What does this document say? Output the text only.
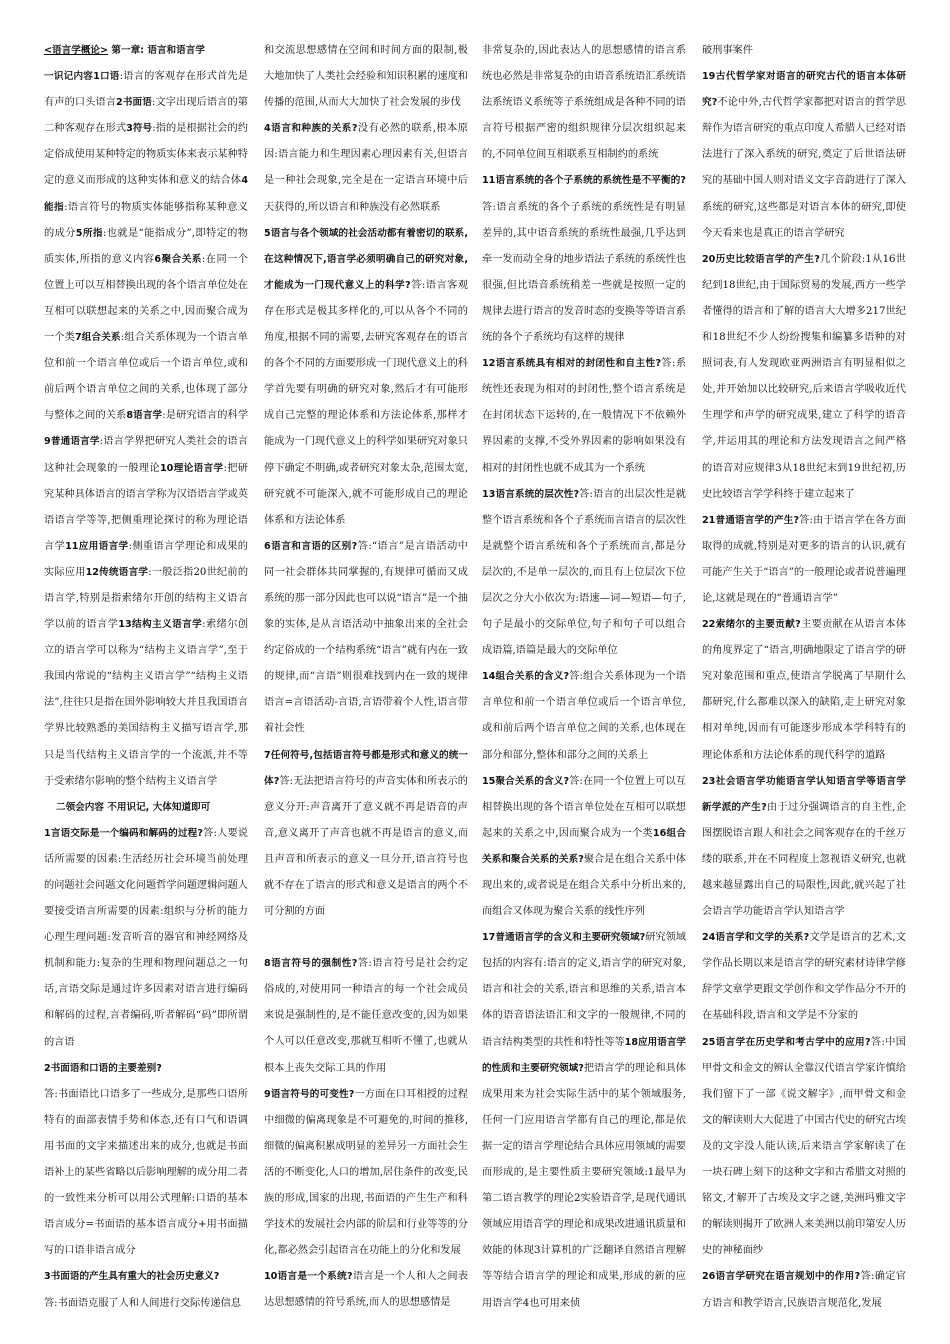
<语言学概论> 第一章: 语言和语言学

一识记内容1口语:语言的客观存在形式首先是有声的口头语言2书面语:文字出现后语言的第二种客观存在形式3符号:指的是根据社会的约定俗成使用某种特定的物质实体来表示某种特定的意义而形成的这种实体和意义的结合体4能指:语言符号的物质实体能够指称某种意义的成分5所指:也就是“能指成分”,即特定的物质实体,所指的意义内容6聚合关系:在同一个位置上可以互相替换出现的各个语言单位处在互相可以联想起来的关系之中,因而聚合成为一个类7组合关系:组合关系体现为一个语言单位和前一个语言单位或后一个语言单位,或和前后两个语言单位之间的关系,也体现了部分与整体之间的关系8语言学:是研究语言的科学9普通语言学:语言学界把研究人类社会的语言这种社会现象的一般理论10理论语言学:把研究某种具体语言的语言学称为汉语语言学或英语语言学等等,把侧重理论探讨的称为理论语言学11应用语言学:侧重语言学理论和成果的实际应用12传统语言学:一般泛指20世纪前的语言学,特别是指索绪尔开创的结构主义语言学以前的语言学13结构主义语言学:索绪尔创立的语言学可以称为“结构主义语言学”,至于我国内常说的“结构主义语言学”“结构主义语法”,往往只是指在国外影响较大并且我国语言学界比较熟悉的美国结构主义描写语言学,那只是当代结构主义语言学的一个流派,并不等于受索绪尔影响的整个结构主义语言学

二领会内容 不用识记, 大体知道即可

1言语交际是一个编码和解码的过程?答:人要说话所需要的因素:生活经历社会环境当前处理的问题社会问题文化问题哲学问题逻辑问题人要接受语言所需要的因素:组织与分析的能力心理生理问题:发音听音的器官和神经网络及机制和能力:复杂的生理和物理问题总之一句话,言语交际是通过许多因素对语言进行编码和解码的过程,言者编码,听者解码“码”即所谓的言语

2书面语和口语的主要差别?

答:书面语比口语多了一些成分,是那些口语所特有的面部表情手势和体态,还有口气和语调用书面的文字来描述出来的成分,也就是书面语补上的某些省略以后影响理解的成分用二者的一致性来分析可以用公式理解:口语的基本语言成分=书面语的基本语言成分+用书面描写的口语非语言成分

3书面语的产生具有重大的社会历史意义?

答:书面语克服了人和人间进行交际传递信息

和交流思想感情在空间和时间方面的限制,极大地加快了人类社会经验和知识积累的速度和传播的范围,从而大大加快了社会发展的步伐

4语言和种族的关系?没有必然的联系,根本原因:语言能力和生理因素心理因素有关,但语言是一种社会现象,完全是在一定语言环境中后天获得的,所以语言和种族没有必然联系

5语言与各个领域的社会活动都有着密切的联系,在这种情况下,语言学必须明确自己的研究对象,才能成为一门现代意义上的科学?答:语言客观存在形式是极其多样化的,可以从各个不同的角度,根据不同的需要,去研究客观存在的语言的各个不同的方面要形成一门现代意义上的科学首先要有明确的研究对象,然后才有可能形成自己完整的理论体系和方法论体系,那样才能成为一门现代意义上的科学如果研究对象只停下确定不明确,或者研究对象太杂,范围太宽,研究就不可能深入,就不可能形成自己的理论体系和方法论体系

6语言和言语的区别?答:“语言”是言语活动中同一社会群体共同掌握的,有规律可循而又成系统的那一部分因此也可以说“语言”是一个抽象的实体,是从言语活动中抽象出来的全社会约定俗成的一个结构系统“语言”就有内在一致的规律,而“言语”则很难找到内在一致的规律 语言=言语活动-言语,言语带着个人性,语言带着社会性

7任何符号,包括语言符号都是形式和意义的统一体?答:无法把语言符号的声音实体和所表示的意义分开:声音离开了意义就不再是语音的声音,意义离开了声音也就不再是语言的意义,而且声音和所表示的意义一旦分开,语言符号也就不存在了语言的形式和意义是语言的两个不可分割的方面

8语言符号的强制性?答:语言符号是社会约定俗成的,对使用同一种语言的每一个社会成员来说是强制性的,是不能任意改变的,因为如果个人可以任意改变,那就互相听不懂了,也就从根本上丧失交际工具的作用

9语言符号的可变性?一方面在口耳相授的过程中细微的偏离现象是不可避免的,时间的推移,细微的偏离积累成明显的差异另一方面社会生活的不断变化,人口的增加,居住条件的改变,民族的形成,国家的出现,书面语的产生生产和科学技术的发展社会内部的阶层和行业等等的分化,都必然会引起语言在功能上的分化和发展

10语言是一个系统?语言是一个人和人之间表达思想感情的符号系统,而人的思想感情是

非常复杂的,因此表达人的思想感情的语言系统也必然是非常复杂的由语音系统语汇系统语法系统语义系统等子系统组成是各种不同的语言符号根据严密的组织规律分层次组织起来的,不同单位间互相联系互相制约的系统

11语言系统的各个子系统的系统性是不平衡的?答:语言系统的各个子系统的系统性是有明显差异的,其中语音系统的系统性最强,几乎达到牵一发而动全身的地步语法子系统的系统性也很强,但比语音系统稍差一些就是按照一定的规律去进行语言的发音时态的变换等等语言系统的各个子系统均有这样的规律

12语言系统具有相对的封闭性和自主性?答:系统性还表现为相对的封闭性,整个语言系统是在封闭状态下运转的,在一般情况下不依赖外界因素的支撑,不受外界因素的影响如果没有相对的封闭性也就不成其为一个系统

13语言系统的层次性?答:语言的出层次性是就整个语言系统和各个子系统而言语言的层次性是就整个语言系统和各个子系统而言,都是分层次的,不是单一层次的,而且有上位层次下位层次之分大小依次为:语速—词—短语—句子,句子是最小的交际单位,句子和句子可以组合成语篇,语篇是最大的交际单位

14组合关系的含义?答:组合关系体现为一个语言单位和前一个语言单位或后一个语言单位,或和前后两个语言单位之间的关系,也体现在部分和部分,整体和部分之间的关系上

15聚合关系的含义?答:在同一个位置上可以互相替换出现的各个语言单位处在互相可以联想起来的关系之中,因而聚合成为一个类16组合关系和聚合关系的关系?聚合是在组合关系中体现出来的,或者说是在组合关系中分析出来的,而组合又体现为聚合关系的线性序列

17普通语言学的含义和主要研究领域?研究领域包括的内容有:语言的定义,语言学的研究对象,语言和社会的关系,语言和思维的关系,语言本体的语音语法语汇和文字的一般规律,不同的语言结构类型的共性和特性等等18应用语言学的性质和主要研究领域?把语言学的理论和具体成果用来为社会实际生活中的某个领域服务,任何一门应用语言学都有自己的理论,都是依据一定的语言学理论结合具体应用领域的需要而形成的,是主要性质主要研究领域:1最早为第二语言教学的理论2实验语音学,是现代通讯领域应用语音学的理论和成果改进通讯质量和效能的体现3计算机的广泛翻译自然语言理解等等结合语言学的理论和成果,形成的新的应用语言学4也可用来侦

破刑事案件

19古代哲学家对语言的研究古代的语言本体研究?不论中外,古代哲学家都把对语言的哲学思辩作为语言研究的重点印度人希腊人已经对语法进行了深入系统的研究,奠定了后世语法研究的基础中国人则对语义文字音韵进行了深入系统的研究,这些都是对语言本体的研究,即使今天看来也是真正的语言学研究

20历史比较语言学的产生?几个阶段:1从16世纪到18世纪,由于国际贸易的发展,西方一些学者懂得的语言和了解的语言大大增多217世纪和18世纪不少人纷纷搜集和编纂多语种的对照词表,有人发现欧亚两洲语言有明显相似之处,并开始加以比较研究,后来语言学吸收近代生理学和声学的研究成果,建立了科学的语音学,并运用其的理论和方法发现语言之间严格的语音对应规律3从18世纪末到19世纪初,历史比较语言学学科终于建立起来了

21普通语言学的产生?答:由于语言学在各方面取得的成就,特别是对更多的语言的认识,就有可能产生关于“语言”的一般理论或者说普遍理论,这就是现在的“普通语言学”

22索绪尔的主要贡献?主要贡献在从语言本体的角度界定了“语言,明确地限定了语言学的研究对象范围和重点,使语言学脱离了早期什么都研究,什么都难以深入的缺陷,走上研究对象相对单纯,因而有可能逐步形成本学科特有的理论体系和方法论体系的现代科学的道路

23社会语言学功能语言学认知语言学等语言学新学派的产生?由于过分强调语言的自主性,企图摆脱语言跟人和社会之间客观存在的千丝万缕的联系,并在不同程度上忽视语义研究,也就越来越显露出自己的局限性,因此,就兴起了社会语言学功能语言学认知语言学

24语言学和文学的关系?文学是语言的艺术,文学作品长期以来是语言学的研究素材诗律学修辞学文章学更跟文学创作和文学作品分不开的在基础科段,语言和文学是不分家的

25语言学在历史学和考古学中的应用?答:中国甲骨文和金文的辨认全靠汉代语言学家许慎给我们留下了一部《说文解字》,而甲骨文和金文的解读则大大促进了中国古代史的研究古埃及的文字没人能认读,后来语言学家解读了在一块石碑上刻下的这种文字和古希腊文对照的铭文,才解开了古埃及文字之谜,美洲玛雅文字的解读则揭开了欧洲人来美洲以前印第安人历史的神秘面纱

26语言学研究在语言规划中的作用?答:确定官方语言和教学语言,民族语言规范化,发展
